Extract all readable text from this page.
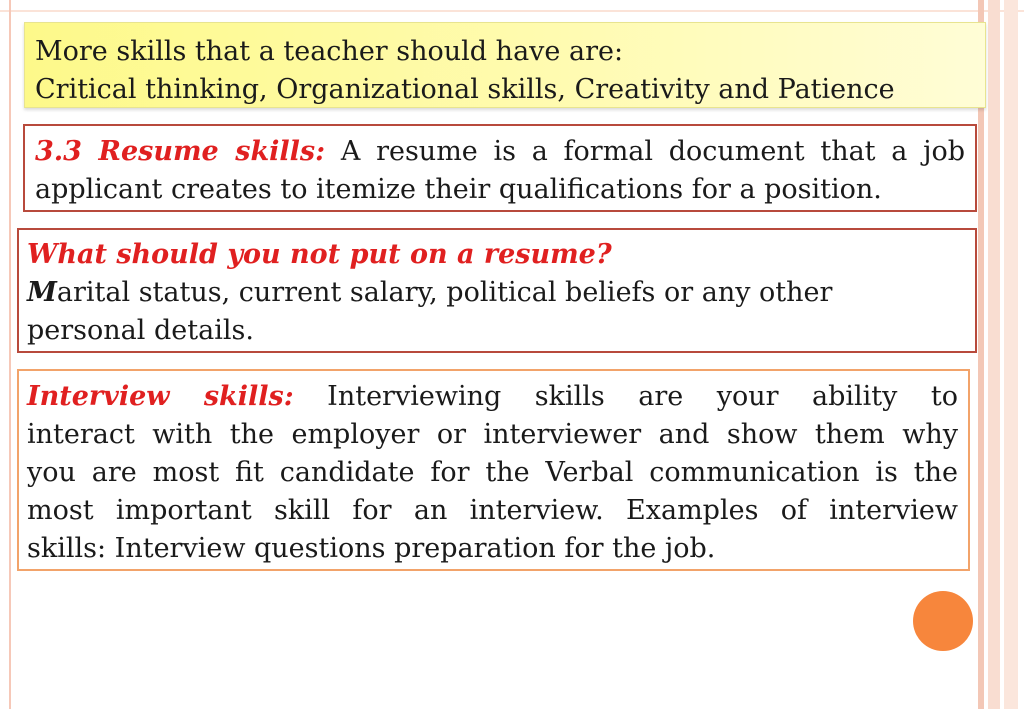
More skills that a teacher should have are:
Critical thinking, Organizational skills, Creativity and Patience
3.3 Resume skills: A resume is a formal document that a job
applicant creates to itemize their qualifications for a position.
What should you not put on a resume?
Marital status, current salary, political beliefs or any other
personal details.
Interview skills: Interviewing skills are your ability to
interact with the employer or interviewer and show them why
you are most fit candidate for the Verbal communication is the
most important skill for an interview. Examples of interview
skills: Interview questions preparation for the job.
